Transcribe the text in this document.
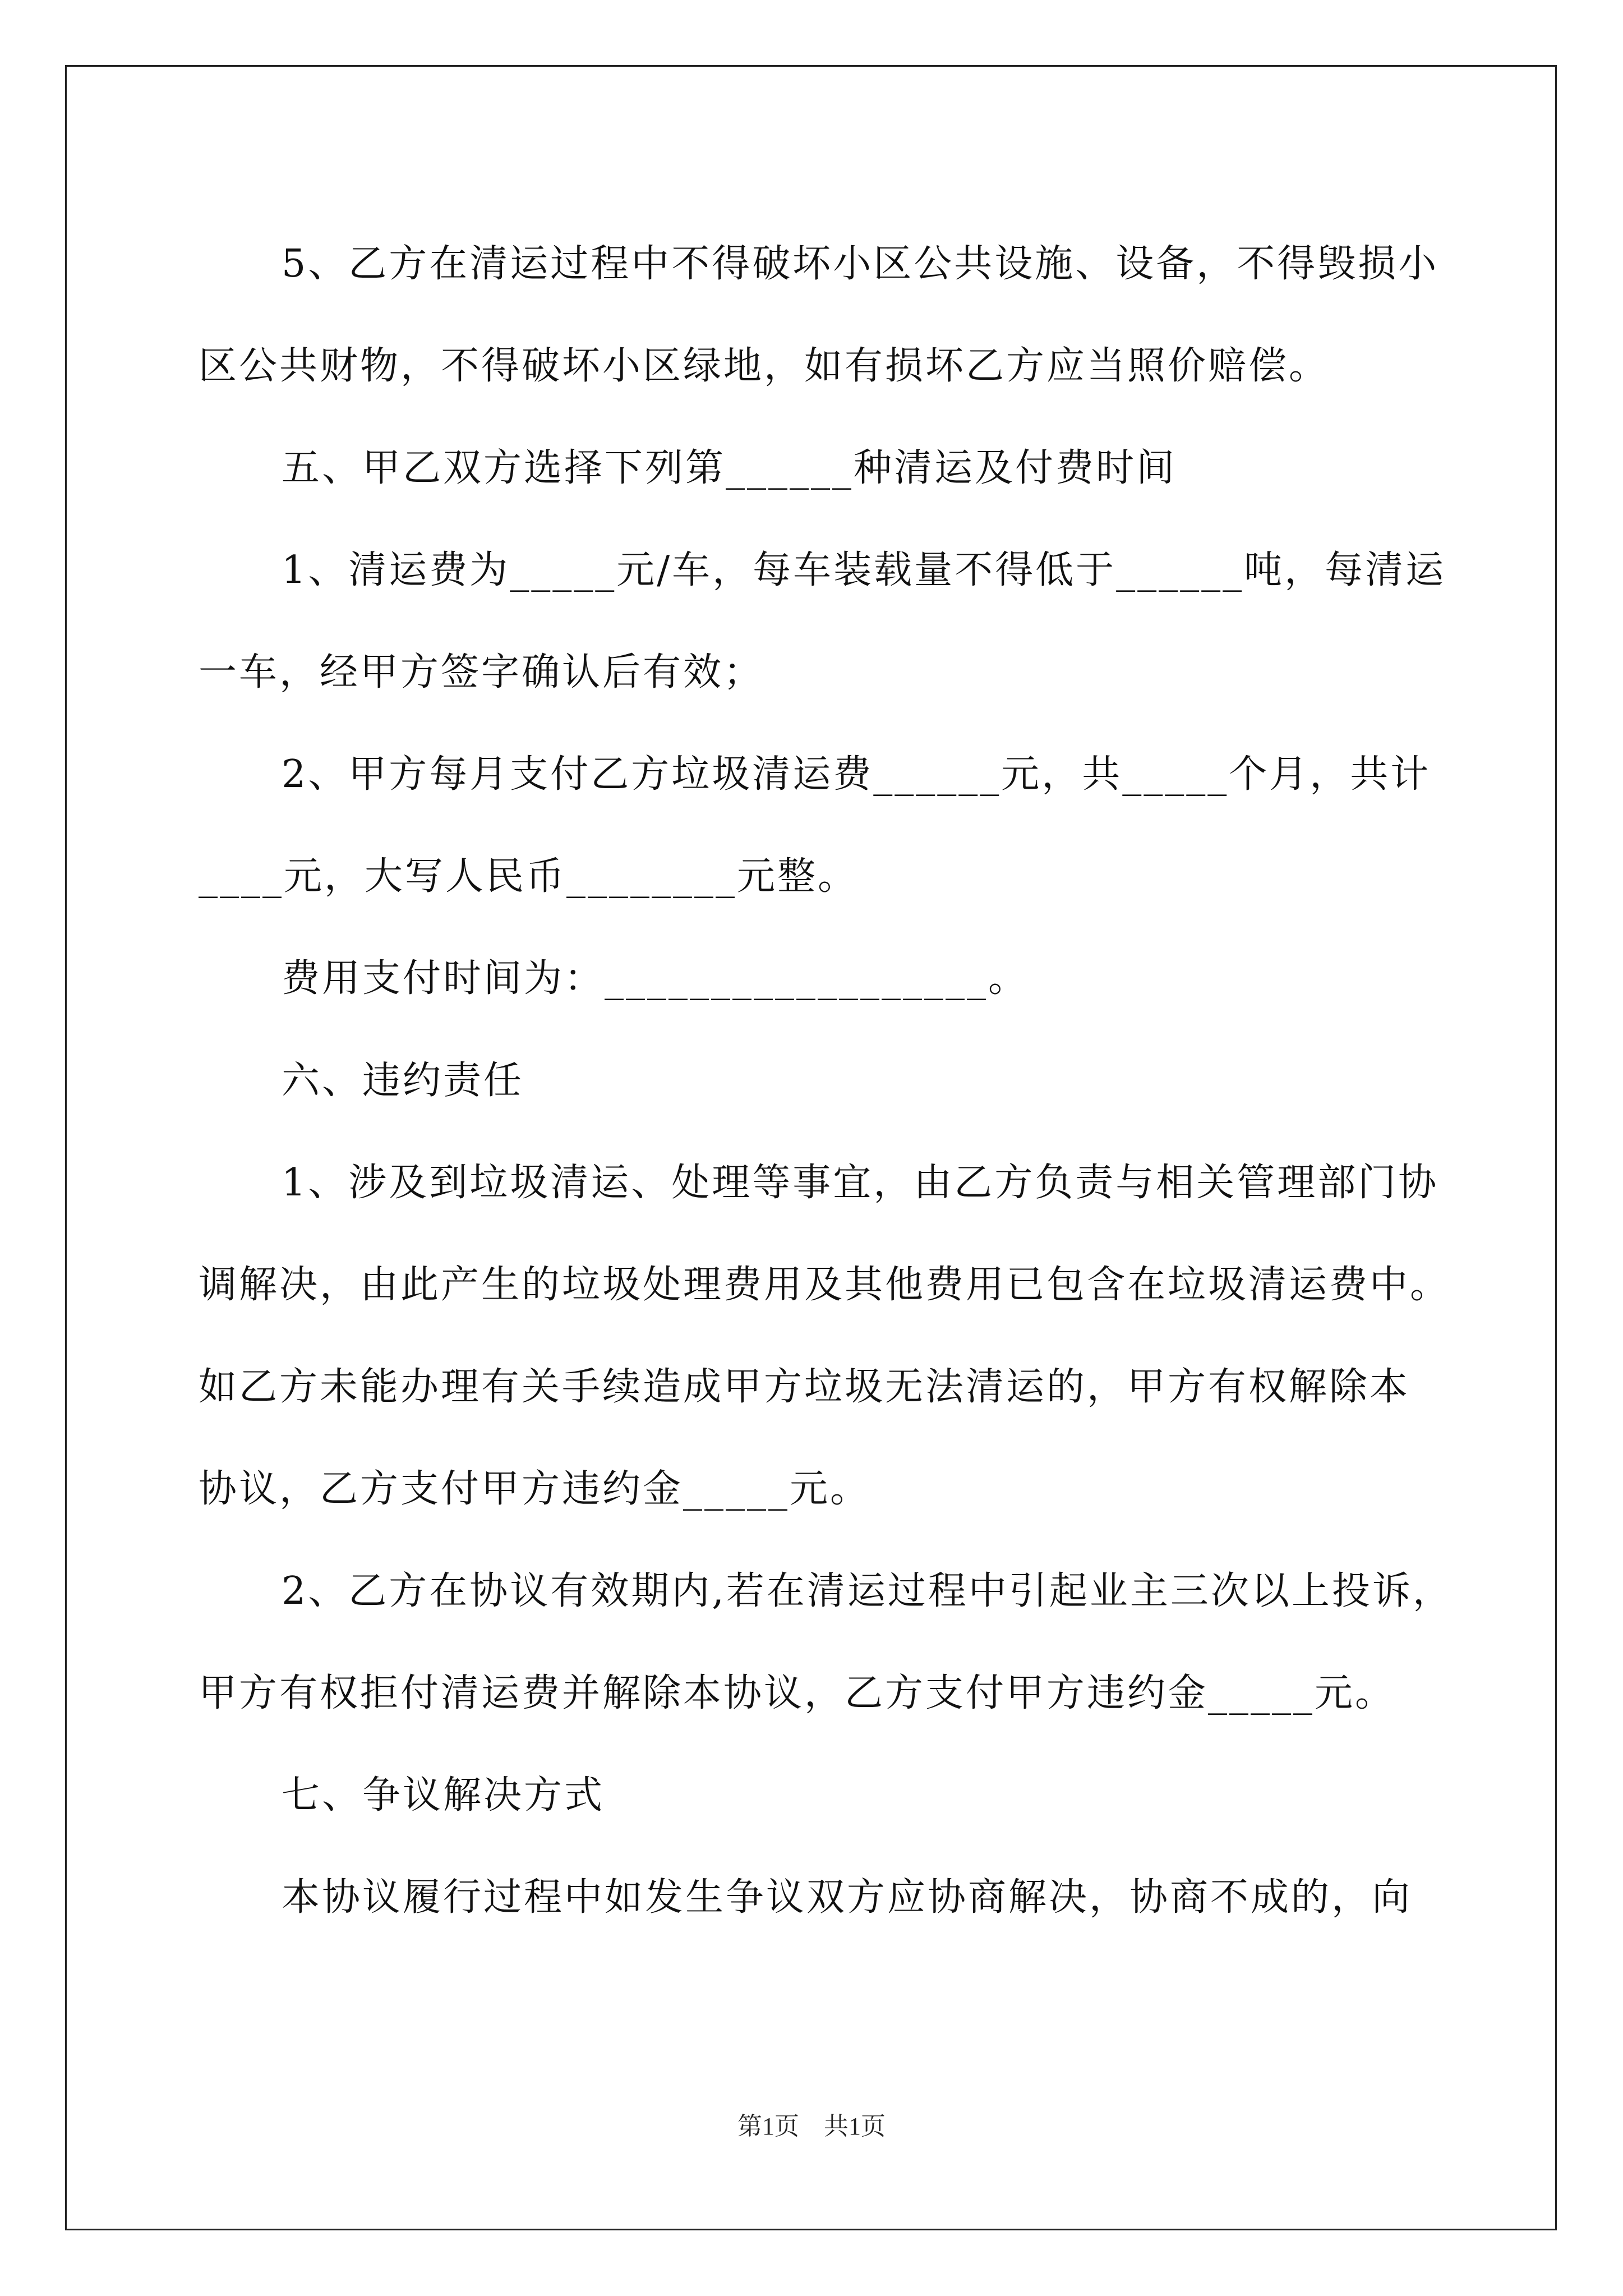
5、乙方在清运过程中不得破坏小区公共设施、设备，不得毁损小
区公共财物，不得破坏小区绿地，如有损坏乙方应当照价赔偿。
五、甲乙双方选择下列第______种清运及付费时间
1、清运费为_____元/车，每车装载量不得低于______吨，每清运
一车，经甲方签字确认后有效；
2、甲方每月支付乙方垃圾清运费______元，共_____个月，共计
____元，大写人民币________元整。
费用支付时间为：__________________。
六、违约责任
1、涉及到垃圾清运、处理等事宜，由乙方负责与相关管理部门协
调解决，由此产生的垃圾处理费用及其他费用已包含在垃圾清运费中。
如乙方未能办理有关手续造成甲方垃圾无法清运的，甲方有权解除本
协议，乙方支付甲方违约金_____元。
2、乙方在协议有效期内,若在清运过程中引起业主三次以上投诉，
甲方有权拒付清运费并解除本协议，乙方支付甲方违约金_____元。
七、争议解决方式
本协议履行过程中如发生争议双方应协商解决，协商不成的，向
第1页　共1页
